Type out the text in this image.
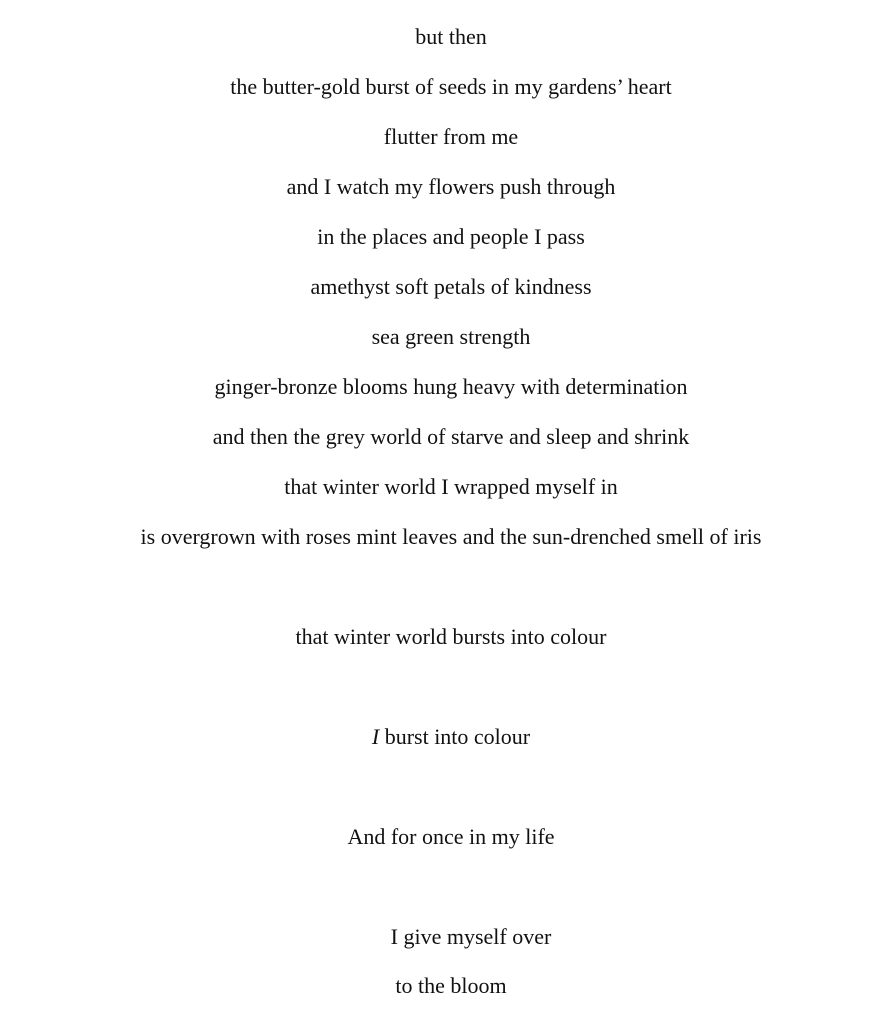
but then
the butter-gold burst of seeds in my gardens’ heart
flutter from me
and I watch my flowers push through
in the places and people I pass
amethyst soft petals of kindness
sea green strength
ginger-bronze blooms hung heavy with determination
and then the grey world of starve and sleep and shrink
that winter world I wrapped myself in
is overgrown with roses mint leaves and the sun-drenched smell of iris
that winter world bursts into colour
I burst into colour
And for once in my life
I give myself over
to the bloom
